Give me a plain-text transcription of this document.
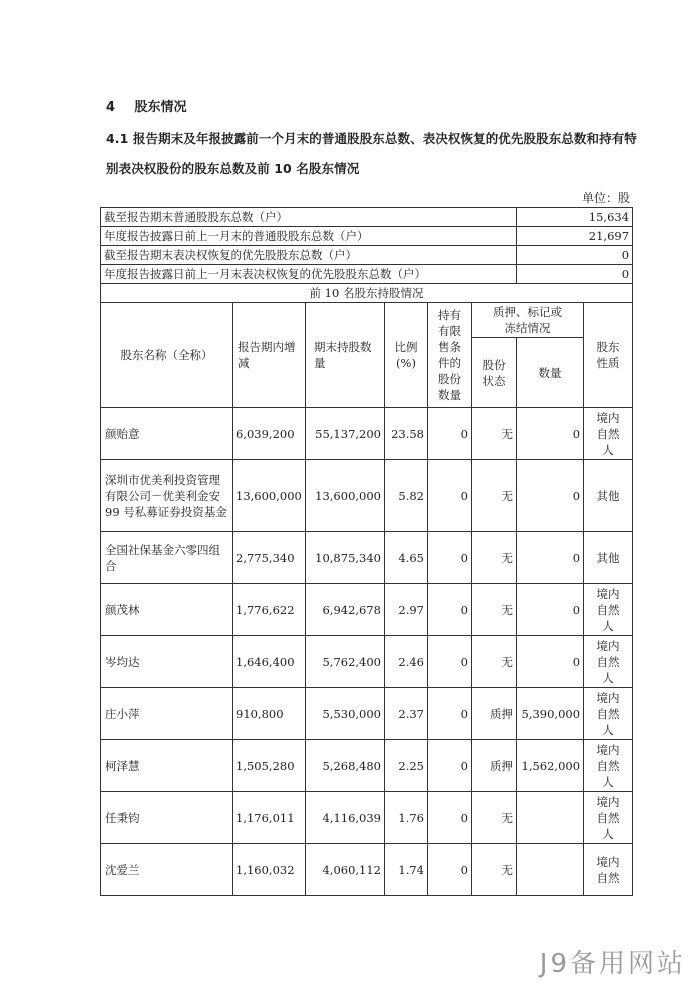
4 股东情况
4.1 报告期末及年报披露前一个月末的普通股股东总数、表决权恢复的优先股股东总数和持有特别表决权股份的股东总数及前 10 名股东情况
单位：股
截至报告期末普通股股东总数（户）						15,634	
年度报告披露日前上一月末的普通股股东总数（户）						21,697	
截至报告期末表决权恢复的优先股股东总数（户）						0	
年度报告披露日前上一月末表决权恢复的优先股股东总数（户）						0	
前 10 名股东持股情况							
股东名称（全称）	报告期内增减	期末持股数量	比例(%)	持有有限售条件的股份数量	质押、标记或冻结情况		股东性质
					股份状态	数量	
颜贻意	6,039,200	55,137,200	23.58	0	无	0	境内自然人
深圳市优美利投资管理有限公司－优美利金安 99 号私募证券投资基金	13,600,000	13,600,000	5.82	0	无	0	其他
全国社保基金六零四组合	2,775,340	10,875,340	4.65	0	无	0	其他
颜茂林	1,776,622	6,942,678	2.97	0	无	0	境内自然人
岑均达	1,646,400	5,762,400	2.46	0	无	0	境内自然人
庄小萍	910,800	5,530,000	2.37	0	质押	5,390,000	境内自然人
柯泽慧	1,505,280	5,268,480	2.25	0	质押	1,562,000	境内自然人
任秉钧	1,176,011	4,116,039	1.76	0	无		境内自然人
沈爱兰	1,160,032	4,060,112	1.74	0	无		境内自然
J9备用网站
